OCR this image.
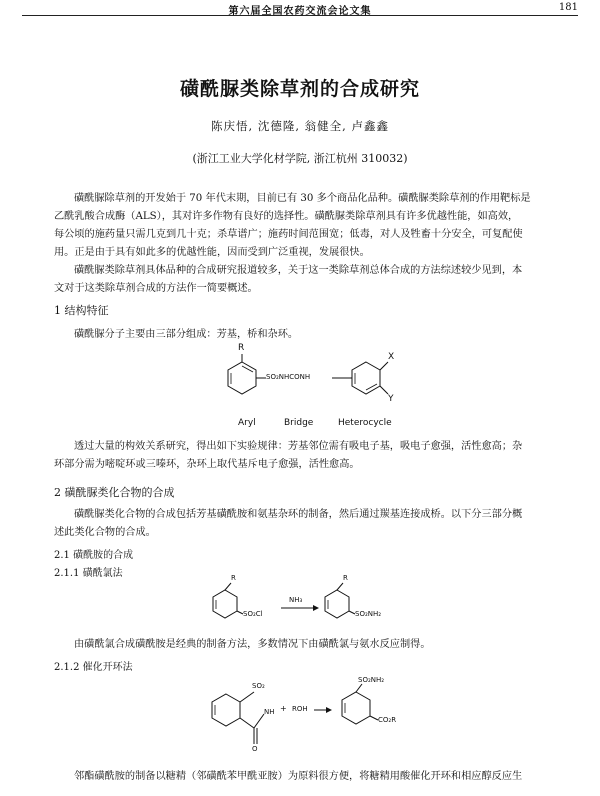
第六届全国农药交流会论文集	181
磺酰脲类除草剂的合成研究
陈庆悟, 沈德隆, 翁健全, 卢鑫鑫
(浙江工业大学化材学院, 浙江杭州 310032)
磺酰脲除草剂的开发始于 70 年代末期，目前已有 30 多个商品化品种。磺酰脲类除草剂的作用靶标是
乙酰乳酸合成酶（ALS），其对许多作物有良好的选择性。磺酰脲类除草剂具有许多优越性能，如高效，
每公顷的施药量只需几克到几十克；杀草谱广；施药时间范围宽；低毒，对人及牲畜十分安全，可复配使
用。正是由于具有如此多的优越性能，因而受到广泛重视，发展很快。
磺酰脲类除草剂具体品种的合成研究报道较多，关于这一类除草剂总体合成的方法综述较少见到，本
文对于这类除草剂合成的方法作一简要概述。
1 结构特征
磺酰脲分子主要由三部分组成：芳基，桥和杂环。
R
SO₂NHCONH
X
Y
Aryl	Bridge	Heterocycle
透过大量的构效关系研究，得出如下实验规律：芳基邻位需有吸电子基，吸电子愈强，活性愈高；杂
环部分需为嘧啶环或三嗪环，杂环上取代基斥电子愈强，活性愈高。
2 磺酰脲类化合物的合成
磺酰脲类化合物的合成包括芳基磺酰胺和氨基杂环的制备，然后通过羰基连接成桥。以下分三部分概
述此类化合物的合成。
2.1 磺酰胺的合成
2.1.1 磺酰氯法	R
SO₂Cl
NH₃
R
SO₂NH₂
由磺酰氯合成磺酰胺是经典的制备方法，多数情况下由磺酰氯与氨水反应制得。
2.1.2 催化开环法
SO₂
NH
O
+ ROH
SO₂NH₂
CO₂R
邻酯磺酰胺的制备以糖精（邻磺酰苯甲酰亚胺）为原料很方便，将糖精用酸催化开环和相应醇反应生
